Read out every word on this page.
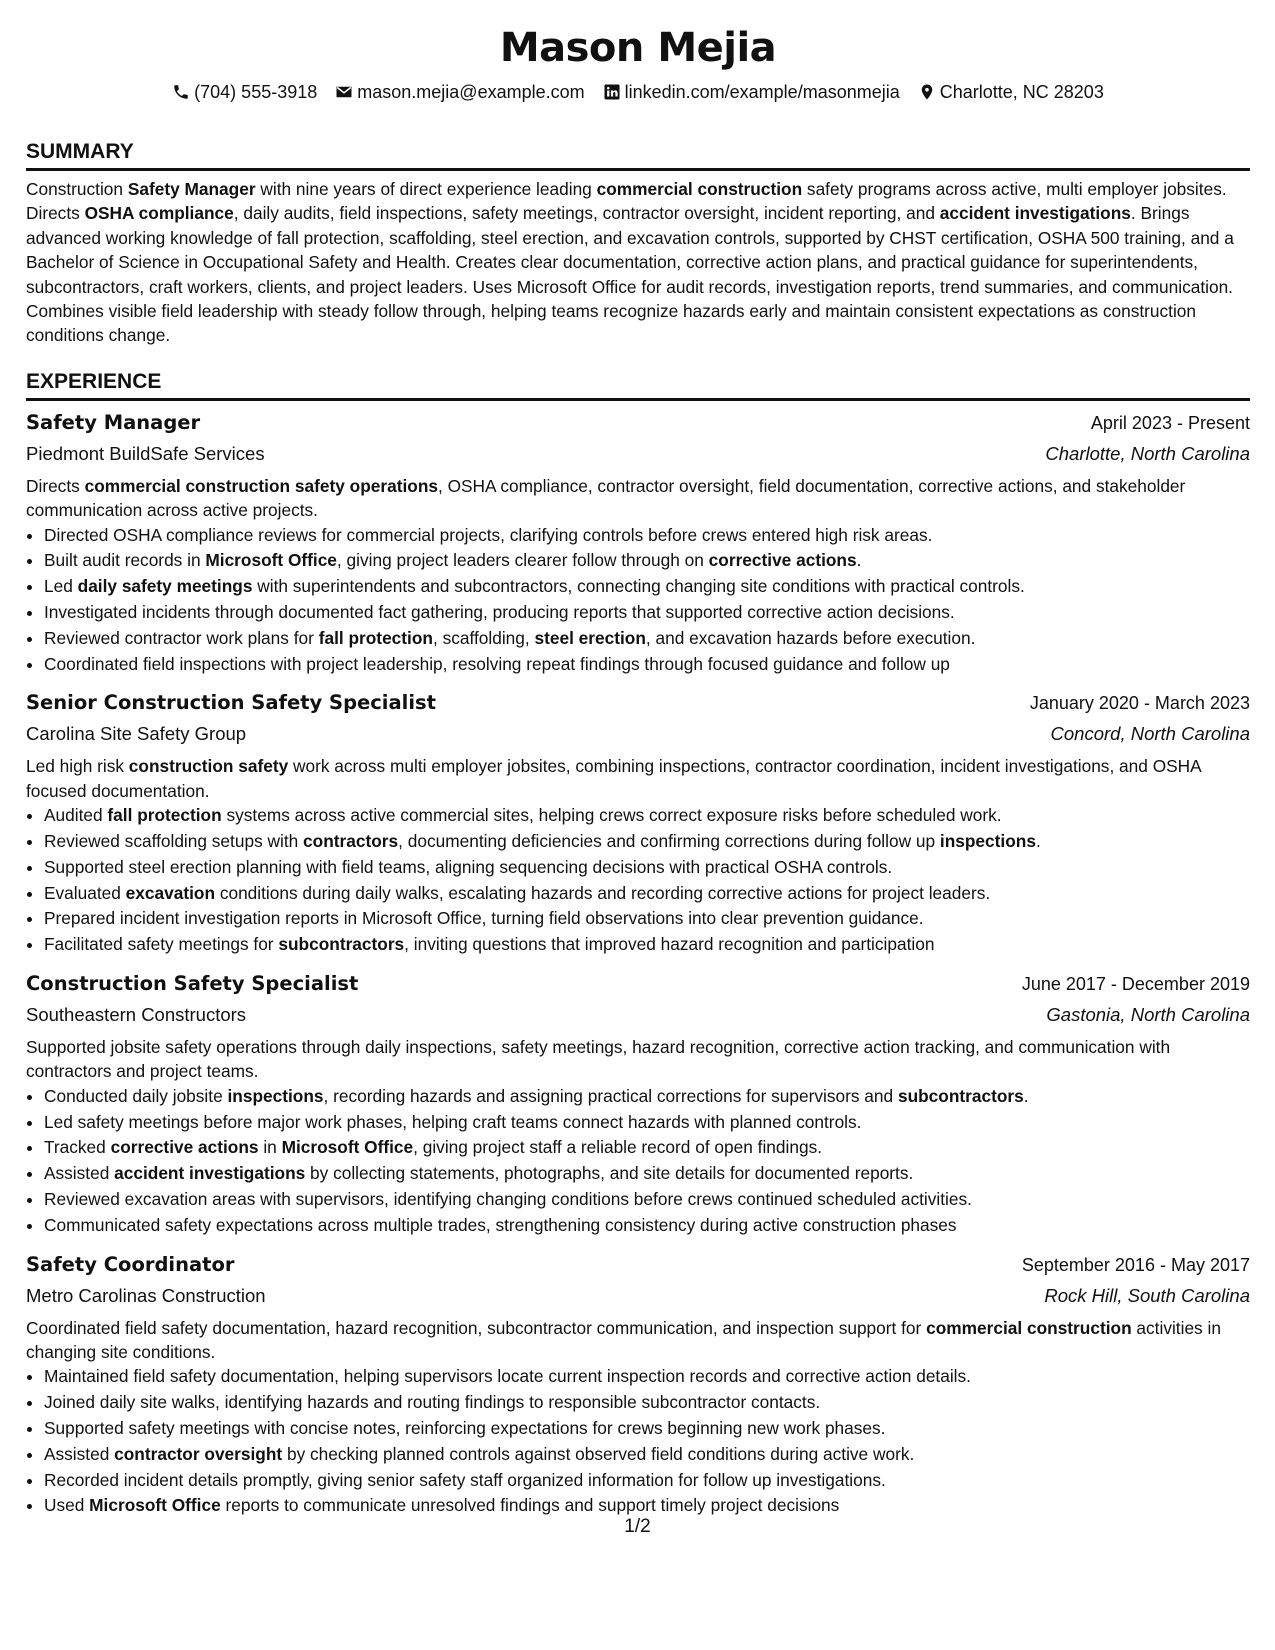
Mason Mejia
(704) 555-3918 mason.mejia@example.com linkedin.com/example/masonmejia Charlotte, NC 28203
SUMMARY

Construction Safety Manager with nine years of direct experience leading commercial construction safety programs across active, multi employer jobsites. Directs OSHA compliance, daily audits, field inspections, safety meetings, contractor oversight, incident reporting, and accident investigations. Brings advanced working knowledge of fall protection, scaffolding, steel erection, and excavation controls, supported by CHST certification, OSHA 500 training, and a Bachelor of Science in Occupational Safety and Health. Creates clear documentation, corrective action plans, and practical guidance for superintendents, subcontractors, craft workers, clients, and project leaders. Uses Microsoft Office for audit records, investigation reports, trend summaries, and communication. Combines visible field leadership with steady follow through, helping teams recognize hazards early and maintain consistent expectations as construction conditions change.

EXPERIENCE
Safety Manager	April 2023 - Present
Piedmont BuildSafe Services	Charlotte, North Carolina

Directs commercial construction safety operations, OSHA compliance, contractor oversight, field documentation, corrective actions, and stakeholder communication across active projects.

• Directed OSHA compliance reviews for commercial projects, clarifying controls before crews entered high risk areas.
• Built audit records in Microsoft Office, giving project leaders clearer follow through on corrective actions.
• Led daily safety meetings with superintendents and subcontractors, connecting changing site conditions with practical controls.
• Investigated incidents through documented fact gathering, producing reports that supported corrective action decisions.
• Reviewed contractor work plans for fall protection, scaffolding, steel erection, and excavation hazards before execution.
• Coordinated field inspections with project leadership, resolving repeat findings through focused guidance and follow up
Senior Construction Safety Specialist	January 2020 - March 2023
Carolina Site Safety Group	Concord, North Carolina

Led high risk construction safety work across multi employer jobsites, combining inspections, contractor coordination, incident investigations, and OSHA focused documentation.

• Audited fall protection systems across active commercial sites, helping crews correct exposure risks before scheduled work.
• Reviewed scaffolding setups with contractors, documenting deficiencies and confirming corrections during follow up inspections.
• Supported steel erection planning with field teams, aligning sequencing decisions with practical OSHA controls.
• Evaluated excavation conditions during daily walks, escalating hazards and recording corrective actions for project leaders.
• Prepared incident investigation reports in Microsoft Office, turning field observations into clear prevention guidance.
• Facilitated safety meetings for subcontractors, inviting questions that improved hazard recognition and participation
Construction Safety Specialist	June 2017 - December 2019
Southeastern Constructors	Gastonia, North Carolina

Supported jobsite safety operations through daily inspections, safety meetings, hazard recognition, corrective action tracking, and communication with contractors and project teams.

• Conducted daily jobsite inspections, recording hazards and assigning practical corrections for supervisors and subcontractors.
• Led safety meetings before major work phases, helping craft teams connect hazards with planned controls.
• Tracked corrective actions in Microsoft Office, giving project staff a reliable record of open findings.
• Assisted accident investigations by collecting statements, photographs, and site details for documented reports.
• Reviewed excavation areas with supervisors, identifying changing conditions before crews continued scheduled activities.
• Communicated safety expectations across multiple trades, strengthening consistency during active construction phases
Safety Coordinator	September 2016 - May 2017
Metro Carolinas Construction	Rock Hill, South Carolina

Coordinated field safety documentation, hazard recognition, subcontractor communication, and inspection support for commercial construction activities in changing site conditions.

• Maintained field safety documentation, helping supervisors locate current inspection records and corrective action details.
• Joined daily site walks, identifying hazards and routing findings to responsible subcontractor contacts.
• Supported safety meetings with concise notes, reinforcing expectations for crews beginning new work phases.
• Assisted contractor oversight by checking planned controls against observed field conditions during active work.
• Recorded incident details promptly, giving senior safety staff organized information for follow up investigations.
• Used Microsoft Office reports to communicate unresolved findings and support timely project decisions
1/2
